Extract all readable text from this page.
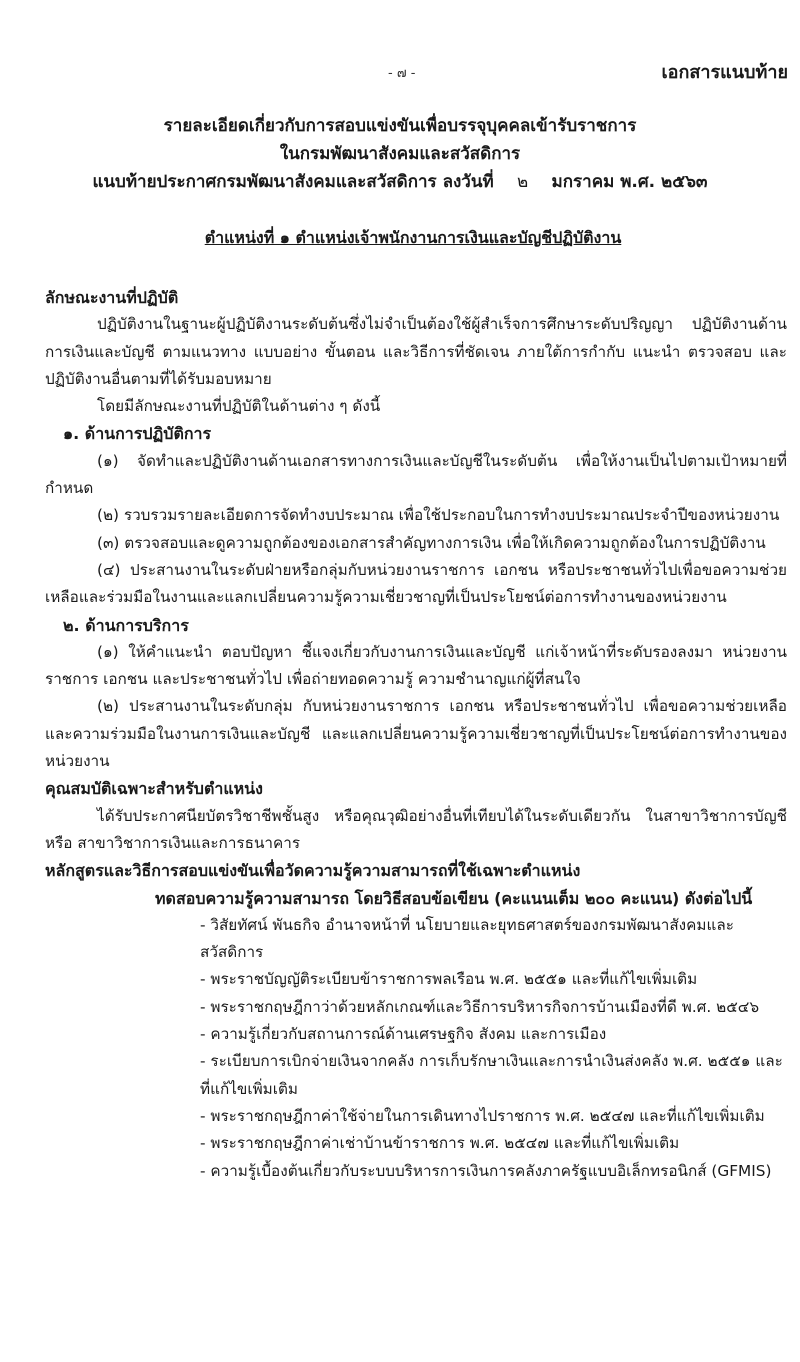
- ๗ -	เอกสารแนบท้าย
รายละเอียดเกี่ยวกับการสอบแข่งขันเพื่อบรรจุบุคคลเข้ารับราชการ
ในกรมพัฒนาสังคมและสวัสดิการ
แนบท้ายประกาศกรมพัฒนาสังคมและสวัสดิการ ลงวันที่ ๒ มกราคม พ.ศ. ๒๕๖๓
ตำแหน่งที่ ๑ ตำแหน่งเจ้าพนักงานการเงินและบัญชีปฏิบัติงาน

ลักษณะงานที่ปฏิบัติ

ปฏิบัติงานในฐานะผู้ปฏิบัติงานระดับต้นซึ่งไม่จำเป็นต้องใช้ผู้สำเร็จการศึกษาระดับปริญญา ปฏิบัติงานด้านการเงินและบัญชี ตามแนวทาง แบบอย่าง ขั้นตอน และวิธีการที่ชัดเจน ภายใต้การกำกับ แนะนำ ตรวจสอบ และปฏิบัติงานอื่นตามที่ได้รับมอบหมาย

โดยมีลักษณะงานที่ปฏิบัติในด้านต่าง ๆ ดังนี้

๑. ด้านการปฏิบัติการ

(๑) จัดทำและปฏิบัติงานด้านเอกสารทางการเงินและบัญชีในระดับต้น เพื่อให้งานเป็นไปตามเป้าหมายที่กำหนด

(๒) รวบรวมรายละเอียดการจัดทำงบประมาณ เพื่อใช้ประกอบในการทำงบประมาณประจำปีของหน่วยงาน

(๓) ตรวจสอบและดูความถูกต้องของเอกสารสำคัญทางการเงิน เพื่อให้เกิดความถูกต้องในการปฏิบัติงาน

(๔) ประสานงานในระดับฝ่ายหรือกลุ่มกับหน่วยงานราชการ เอกชน หรือประชาชนทั่วไปเพื่อขอความช่วยเหลือและร่วมมือในงานและแลกเปลี่ยนความรู้ความเชี่ยวชาญที่เป็นประโยชน์ต่อการทำงานของหน่วยงาน

๒. ด้านการบริการ

(๑) ให้คำแนะนำ ตอบปัญหา ชี้แจงเกี่ยวกับงานการเงินและบัญชี แก่เจ้าหน้าที่ระดับรองลงมา หน่วยงานราชการ เอกชน และประชาชนทั่วไป เพื่อถ่ายทอดความรู้ ความชำนาญแก่ผู้ที่สนใจ

(๒) ประสานงานในระดับกลุ่ม กับหน่วยงานราชการ เอกชน หรือประชาชนทั่วไป เพื่อขอความช่วยเหลือและความร่วมมือในงานการเงินและบัญชี และแลกเปลี่ยนความรู้ความเชี่ยวชาญที่เป็นประโยชน์ต่อการทำงานของหน่วยงาน

คุณสมบัติเฉพาะสำหรับตำแหน่ง

ได้รับประกาศนียบัตรวิชาชีพชั้นสูง หรือคุณวุฒิอย่างอื่นที่เทียบได้ในระดับเดียวกัน ในสาขาวิชาการบัญชี หรือ สาขาวิชาการเงินและการธนาคาร

หลักสูตรและวิธีการสอบแข่งขันเพื่อวัดความรู้ความสามารถที่ใช้เฉพาะตำแหน่ง

ทดสอบความรู้ความสามารถ โดยวิธีสอบข้อเขียน (คะแนนเต็ม ๒๐๐ คะแนน) ดังต่อไปนี้

- วิสัยทัศน์ พันธกิจ อำนาจหน้าที่ นโยบายและยุทธศาสตร์ของกรมพัฒนาสังคมและสวัสดิการ

- พระราชบัญญัติระเบียบข้าราชการพลเรือน พ.ศ. ๒๕๕๑ และที่แก้ไขเพิ่มเติม

- พระราชกฤษฎีกาว่าด้วยหลักเกณฑ์และวิธีการบริหารกิจการบ้านเมืองที่ดี พ.ศ. ๒๕๔๖

- ความรู้เกี่ยวกับสถานการณ์ด้านเศรษฐกิจ สังคม และการเมือง

- ระเบียบการเบิกจ่ายเงินจากคลัง การเก็บรักษาเงินและการนำเงินส่งคลัง พ.ศ. ๒๕๕๑ และที่แก้ไขเพิ่มเติม

- พระราชกฤษฎีกาค่าใช้จ่ายในการเดินทางไปราชการ พ.ศ. ๒๕๔๗ และที่แก้ไขเพิ่มเติม

- พระราชกฤษฎีกาค่าเช่าบ้านข้าราชการ พ.ศ. ๒๕๔๗ และที่แก้ไขเพิ่มเติม

- ความรู้เบื้องต้นเกี่ยวกับระบบบริหารการเงินการคลังภาครัฐแบบอิเล็กทรอนิกส์ (GFMIS)
